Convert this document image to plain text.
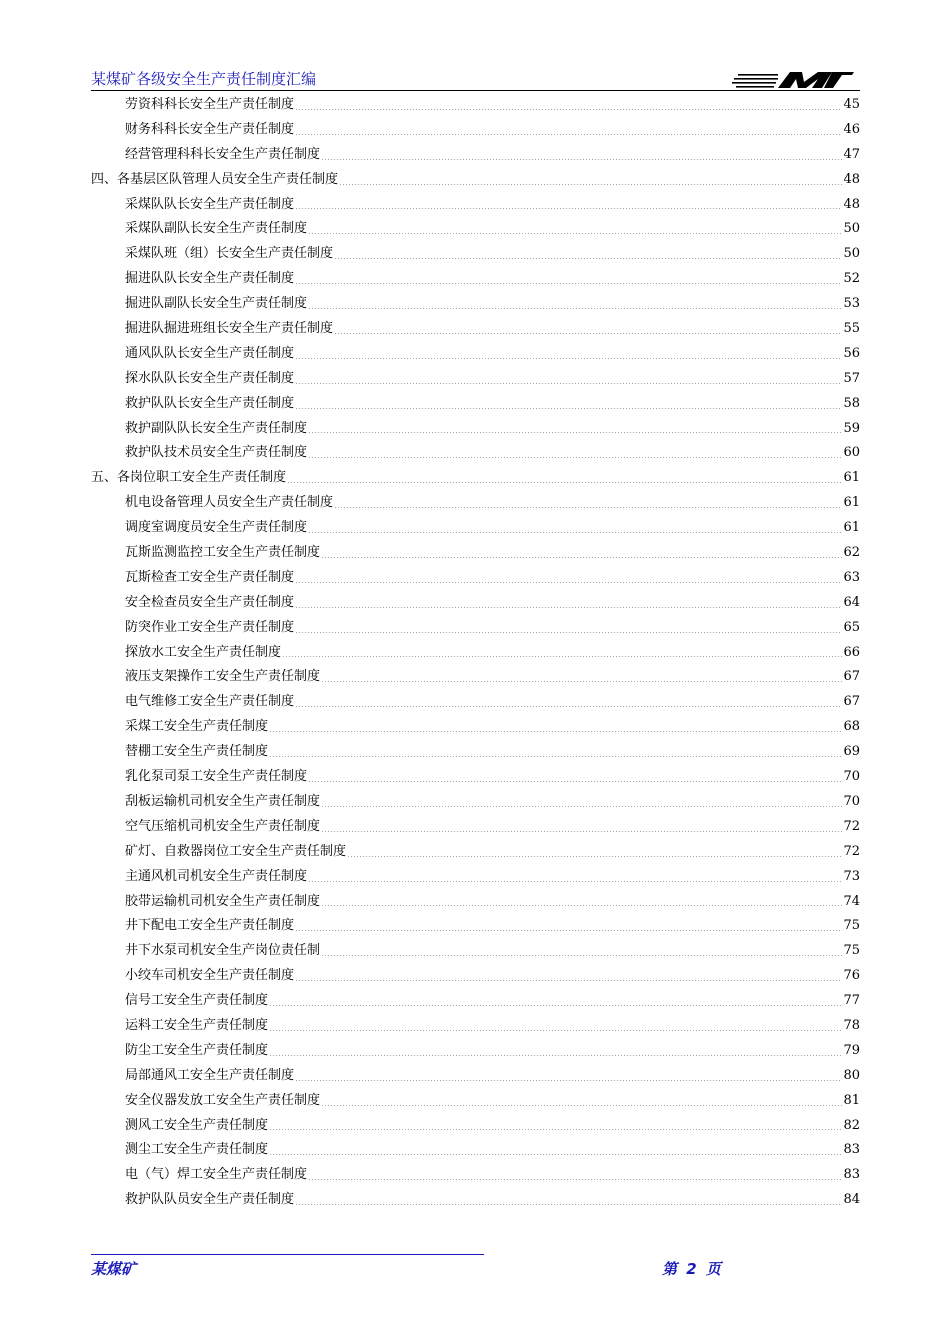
某煤矿各级安全生产责任制度汇编
劳资科科长安全生产责任制度	45
财务科科长安全生产责任制度	46
经营管理科科长安全生产责任制度	47
四、各基层区队管理人员安全生产责任制度	48
采煤队队长安全生产责任制度	48
采煤队副队长安全生产责任制度	50
采煤队班（组）长安全生产责任制度	50
掘进队队长安全生产责任制度	52
掘进队副队长安全生产责任制度	53
掘进队掘进班组长安全生产责任制度	55
通风队队长安全生产责任制度	56
探水队队长安全生产责任制度	57
救护队队长安全生产责任制度	58
救护副队队长安全生产责任制度	59
救护队技术员安全生产责任制度	60
五、各岗位职工安全生产责任制度	61
机电设备管理人员安全生产责任制度	61
调度室调度员安全生产责任制度	61
瓦斯监测监控工安全生产责任制度	62
瓦斯检查工安全生产责任制度	63
安全检查员安全生产责任制度	64
防突作业工安全生产责任制度	65
探放水工安全生产责任制度	66
液压支架操作工安全生产责任制度	67
电气维修工安全生产责任制度	67
采煤工安全生产责任制度	68
替棚工安全生产责任制度	69
乳化泵司泵工安全生产责任制度	70
刮板运输机司机安全生产责任制度	70
空气压缩机司机安全生产责任制度	72
矿灯、自救器岗位工安全生产责任制度	72
主通风机司机安全生产责任制度	73
胶带运输机司机安全生产责任制度	74
井下配电工安全生产责任制度	75
井下水泵司机安全生产岗位责任制	75
小绞车司机安全生产责任制度	76
信号工安全生产责任制度	77
运料工安全生产责任制度	78
防尘工安全生产责任制度	79
局部通风工安全生产责任制度	80
安全仪器发放工安全生产责任制度	81
测风工安全生产责任制度	82
测尘工安全生产责任制度	83
电（气）焊工安全生产责任制度	83
救护队队员安全生产责任制度	84
某煤矿	第 2 页
